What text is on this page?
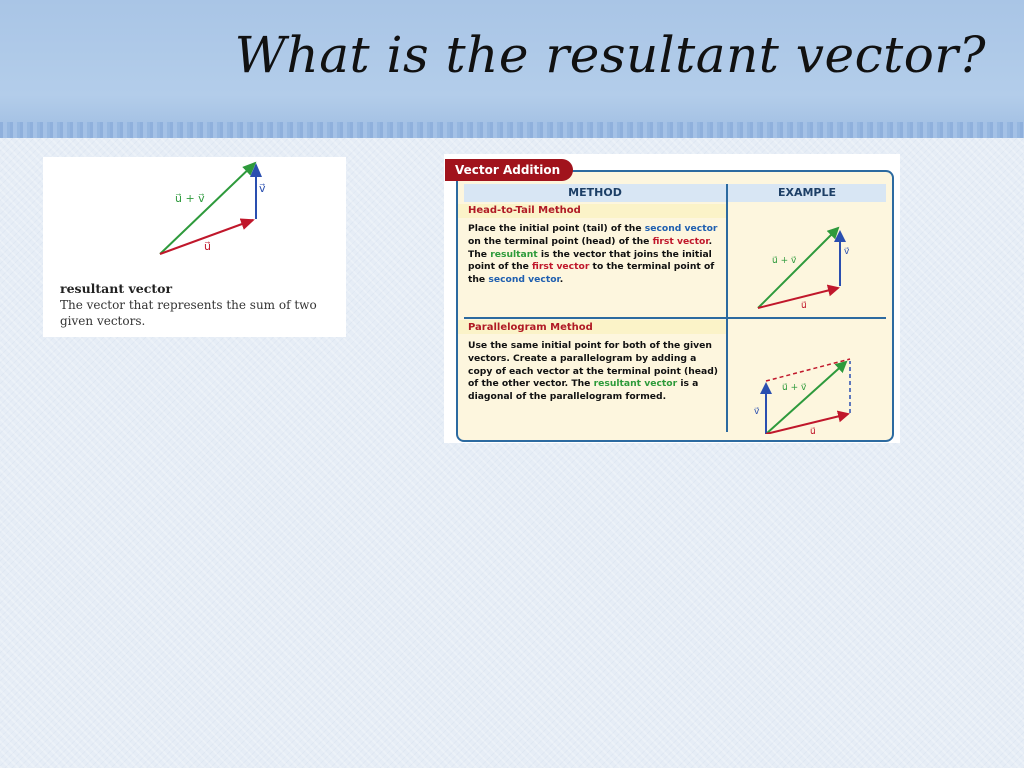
What is the resultant vector?
u⃗ + v⃗
v⃗
u⃗
resultant vector
The vector that represents the sum of two given vectors.
METHOD	EXAMPLE
Head-to-Tail Method
Place the initial point (tail) of the second vector on the terminal point (head) of the first vector. The resultant is the vector that joins the initial point of the first vector to the terminal point of the second vector.
u⃗ + v⃗
v⃗
u⃗
Parallelogram Method
Use the same initial point for both of the given vectors. Create a parallelogram by adding a copy of each vector at the terminal point (head) of the other vector. The resultant vector is a diagonal of the parallelogram formed.
u⃗ + v⃗
v⃗
u⃗
Vector Addition
